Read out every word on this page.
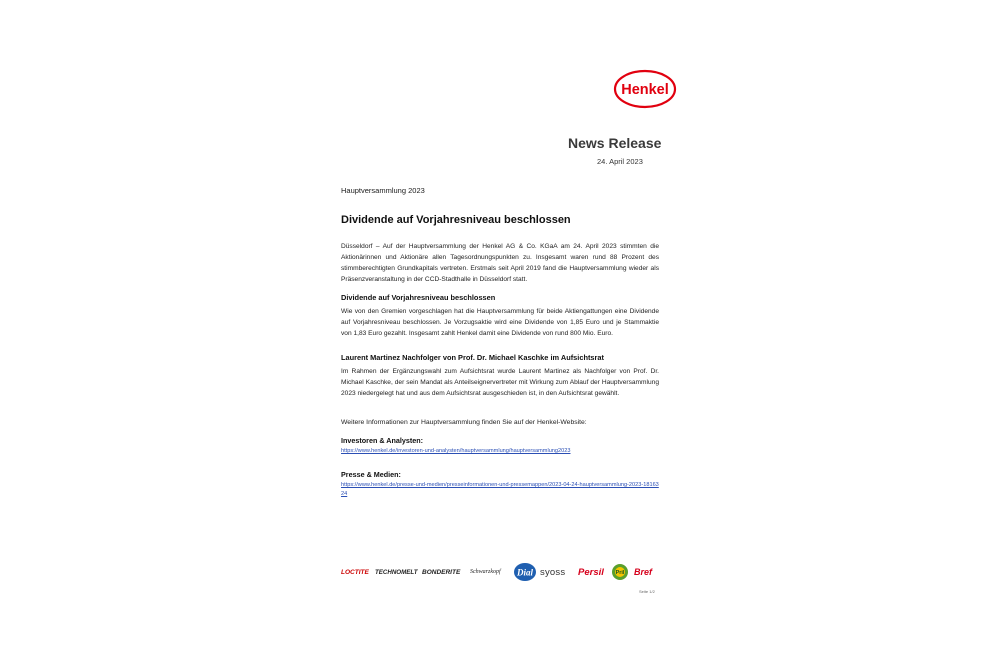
Henkel
News Release
24. April 2023

Hauptversammlung 2023

Dividende auf Vorjahresniveau beschlossen

Düsseldorf – Auf der Hauptversammlung der Henkel AG & Co. KGaA am 24. April 2023 stimmten die Aktionärinnen und Aktionäre allen Tagesordnungspunkten zu. Insgesamt waren rund 88 Prozent des stimmberechtigten Grundkapitals vertreten. Erstmals seit April 2019 fand die Hauptversammlung wieder als Präsenzveranstaltung in der CCD-Stadthalle in Düsseldorf statt.

Dividende auf Vorjahresniveau beschlossen

Wie von den Gremien vorgeschlagen hat die Hauptversammlung für beide Aktiengattungen eine Dividende auf Vorjahresniveau beschlossen. Je Vorzugsaktie wird eine Dividende von 1,85 Euro und je Stammaktie von 1,83 Euro gezahlt. Insgesamt zahlt Henkel damit eine Dividende von rund 800 Mio. Euro.

Laurent Martinez Nachfolger von Prof. Dr. Michael Kaschke im Aufsichtsrat

Im Rahmen der Ergänzungswahl zum Aufsichtsrat wurde Laurent Martinez als Nachfolger von Prof. Dr. Michael Kaschke, der sein Mandat als Anteilseignervertreter mit Wirkung zum Ablauf der Hauptversammlung 2023 niedergelegt hat und aus dem Aufsichtsrat ausgeschieden ist, in den Aufsichtsrat gewählt.

Weitere Informationen zur Hauptversammlung finden Sie auf der Henkel-Website:

Investoren & Analysten:
https://www.henkel.de/investoren-und-analysten/hauptversammlung/hauptversammlung2023
Presse & Medien:
https://www.henkel.de/presse-und-medien/presseinformationen-und-pressemappen/2023-04-24-hauptversammlung-2023-1816324
LOCTITE TECHNOMELT BONDERITE Schwarzkopf Dial syoss Persil Pril Bref
Seite 1/2
